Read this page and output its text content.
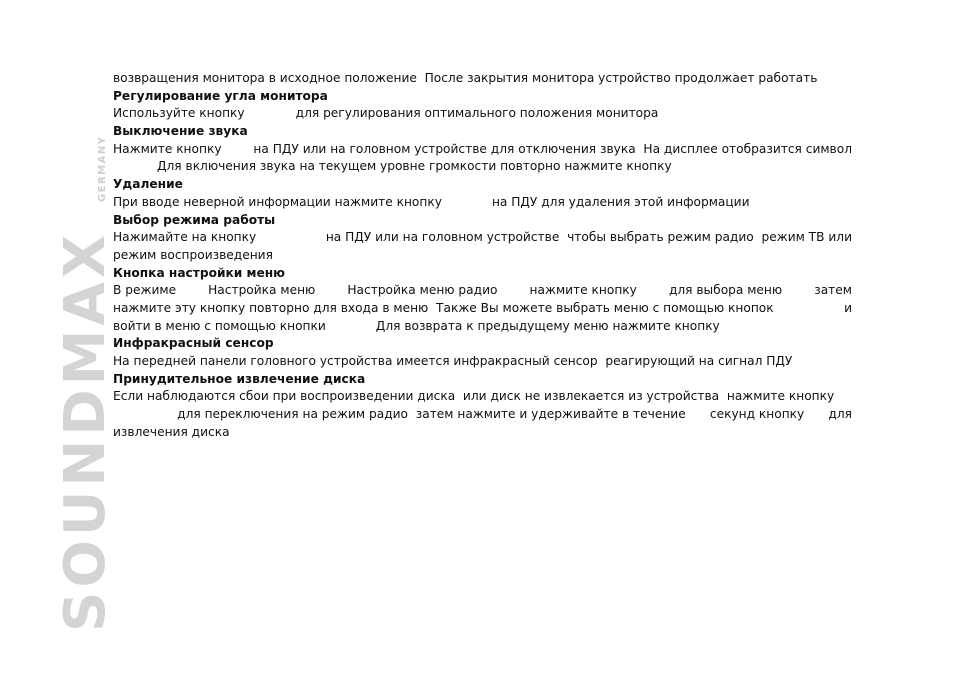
SOUNDMAX
GERMANY
возвращения монитора в исходное положение  После закрытия монитора устройство продолжает работать
Регулирование угла монитора
Используйте кнопку	для регулирования оптимального положения монитора
Выключение звука
Нажмите кнопку	на ПДУ или на головном устройстве для отключения звука  На дисплее отобразится символ
Для включения звука на текущем уровне громкости повторно нажмите кнопку
Удаление
При вводе неверной информации нажмите кнопку	на ПДУ для удаления этой информации
Выбор режима работы
Нажимайте на кнопку	на ПДУ или на головном устройстве  чтобы выбрать режим радио  режим ТВ или
режим воспроизведения
Кнопка настройки меню
В режиме	Настройка меню	Настройка меню радио	нажмите кнопку	для выбора меню	затем
нажмите эту кнопку повторно для входа в меню  Также Вы можете выбрать меню с помощью кнопок	и
войти в меню с помощью кнопки	Для возврата к предыдущему меню нажмите кнопку
Инфракрасный сенсор
На передней панели головного устройства имеется инфракрасный сенсор  реагирующий на сигнал ПДУ
Принудительное извлечение диска
Если наблюдаются сбои при воспроизведении диска  или диск не извлекается из устройства  нажмите кнопку
для переключения на режим радио  затем нажмите и удерживайте в течение секунд кнопку для
извлечения диска
